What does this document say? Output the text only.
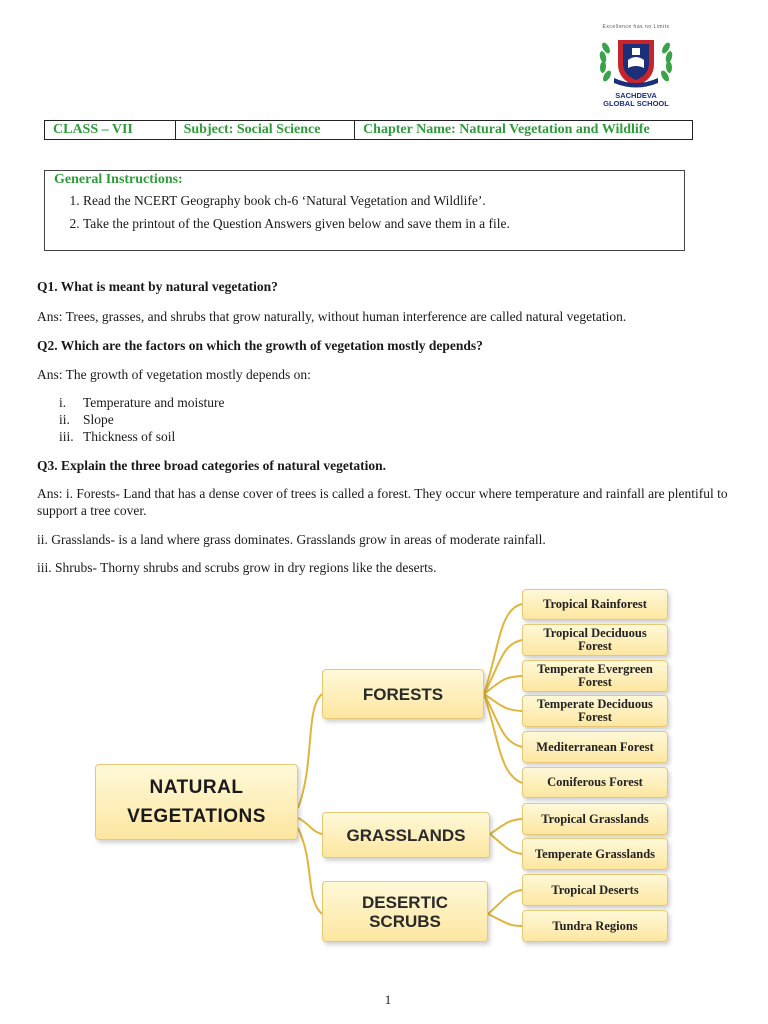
Excellence has no Limits
SACHDEVA
GLOBAL SCHOOL
CLASS – VII	Subject: Social Science	Chapter Name: Natural Vegetation and Wildlife
General Instructions:
1. Read the NCERT Geography book ch-6 ‘Natural Vegetation and Wildlife’.
2. Take the printout of the Question Answers given below and save them in a file.
Q1. What is meant by natural vegetation?
Ans: Trees, grasses, and shrubs that grow naturally, without human interference are called natural vegetation.
Q2. Which are the factors on which the growth of vegetation mostly depends?
Ans: The growth of vegetation mostly depends on:
i. Temperature and moisture
ii. Slope
iii. Thickness of soil
Q3. Explain the three broad categories of natural vegetation.
Ans: i. Forests- Land that has a dense cover of trees is called a forest. They occur where temperature and rainfall are plentiful to support a tree cover.
ii. Grasslands- is a land where grass dominates. Grasslands grow in areas of moderate rainfall.
iii. Shrubs- Thorny shrubs and scrubs grow in dry regions like the deserts.
NATURAL
VEGETATIONS
FORESTS
GRASSLANDS
DESERTIC
SCRUBS
Tropical Rainforest
Tropical Deciduous
Forest
Temperate Evergreen
Forest
Temperate Deciduous
Forest
Mediterranean Forest
Coniferous Forest
Tropical Grasslands
Temperate Grasslands
Tropical Deserts
Tundra Regions
1
